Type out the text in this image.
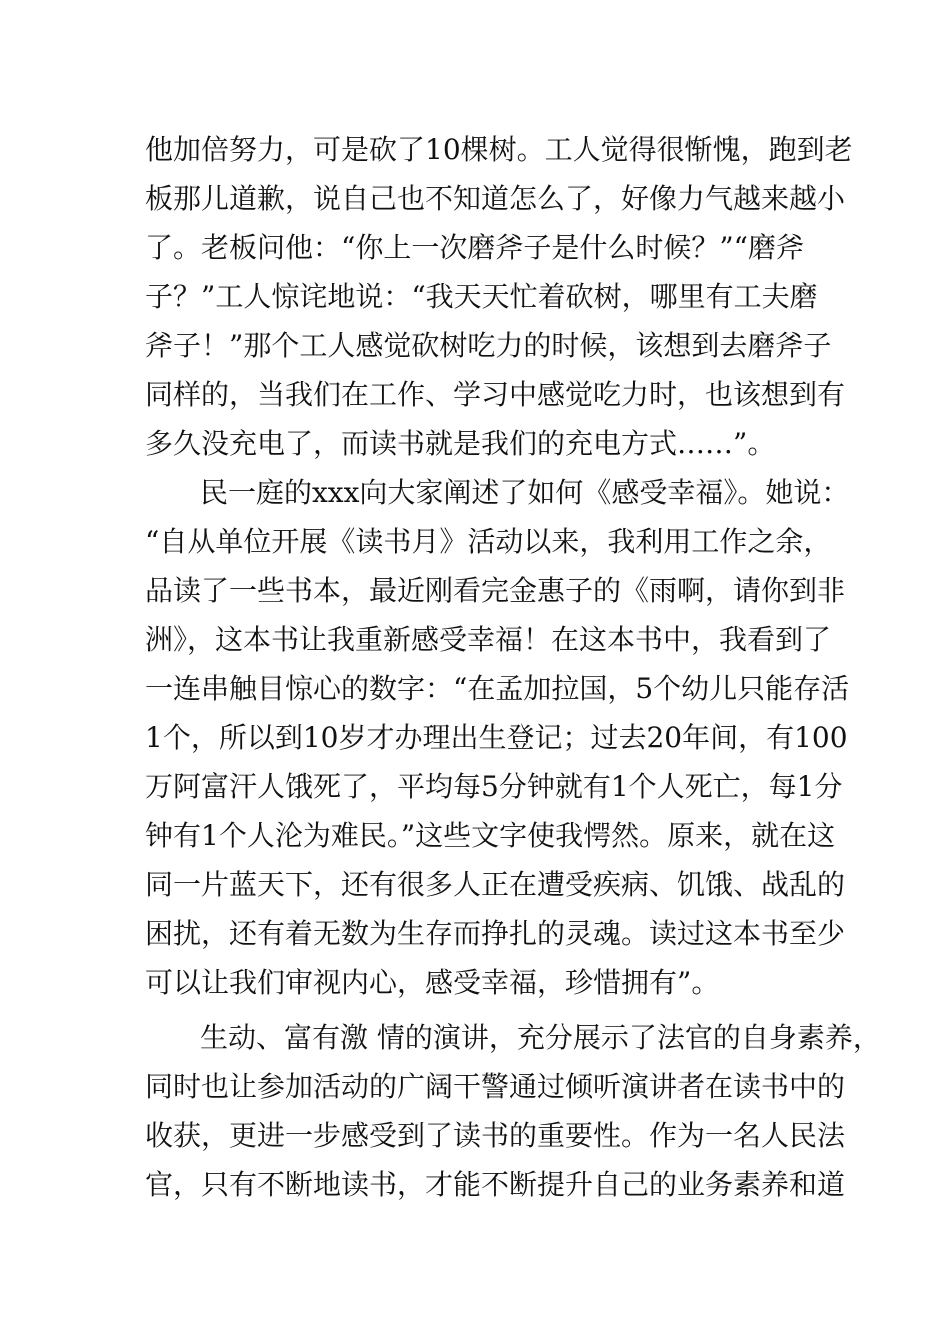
他加倍努力，可是砍了10棵树。工人觉得很惭愧，跑到老
板那儿道歉，说自己也不知道怎么了，好像力气越来越小
了。老板问他：“你上一次磨斧子是什么时候？”“磨斧
子？”工人惊诧地说：“我天天忙着砍树，哪里有工夫磨
斧子！”那个工人感觉砍树吃力的时候，该想到去磨斧子
同样的，当我们在工作、学习中感觉吃力时，也该想到有
多久没充电了，而读书就是我们的充电方式……”。
民一庭的xxx向大家阐述了如何《感受幸福》。她说：
“自从单位开展《读书月》活动以来，我利用工作之余，
品读了一些书本，最近刚看完金惠子的《雨啊，请你到非
洲》，这本书让我重新感受幸福！在这本书中，我看到了
一连串触目惊心的数字：“在孟加拉国，5个幼儿只能存活
1个，所以到10岁才办理出生登记；过去20年间，有100
万阿富汗人饿死了，平均每5分钟就有1个人死亡，每1分
钟有1个人沦为难民。”这些文字使我愕然。原来，就在这
同一片蓝天下，还有很多人正在遭受疾病、饥饿、战乱的
困扰，还有着无数为生存而挣扎的灵魂。读过这本书至少
可以让我们审视内心，感受幸福，珍惜拥有”。
生动、富有激 情的演讲，充分展示了法官的自身素养，
同时也让参加活动的广阔干警通过倾听演讲者在读书中的
收获，更进一步感受到了读书的重要性。作为一名人民法
官，只有不断地读书，才能不断提升自己的业务素养和道
